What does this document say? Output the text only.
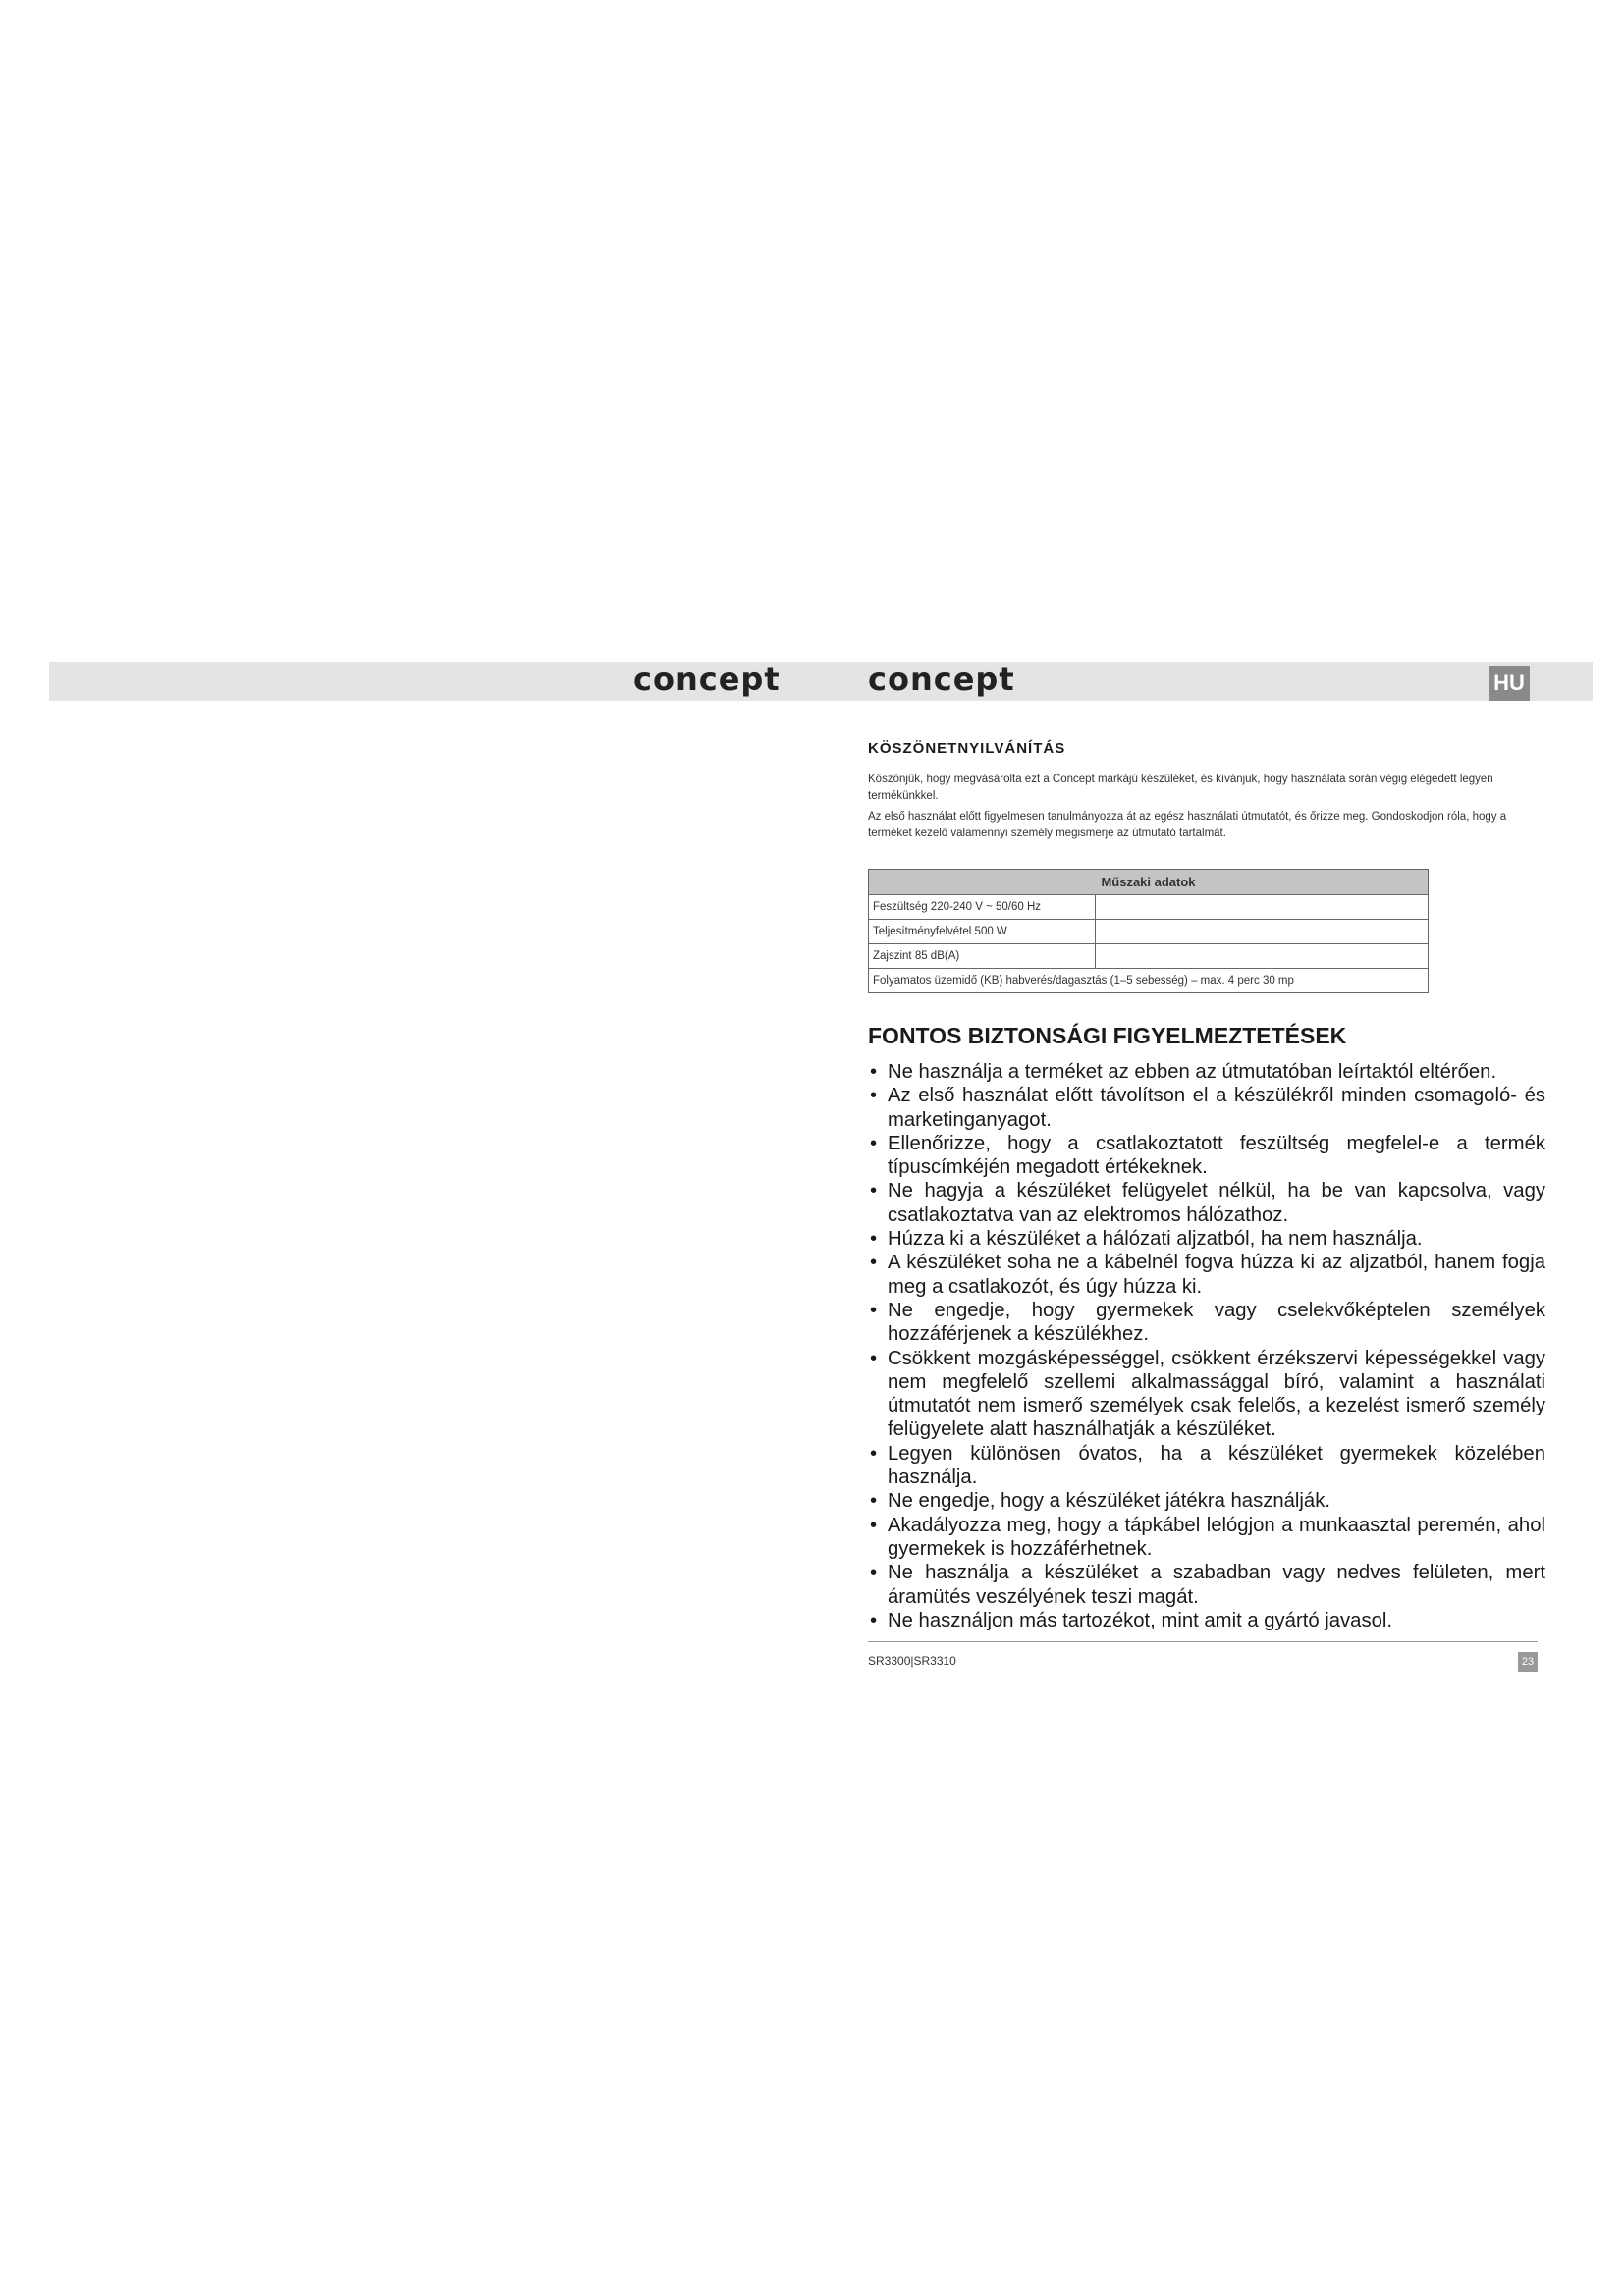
concept	concept	HU
KÖSZÖNETNYILVÁNÍTÁS

Köszönjük, hogy megvásárolta ezt a Concept márkájú készüléket, és kívánjuk, hogy használata során végig elégedett legyen termékünkkel.

Az első használat előtt figyelmesen tanulmányozza át az egész használati útmutatót, és őrizze meg. Gondoskodjon róla, hogy a terméket kezelő valamennyi személy megismerje az útmutató tartalmát.

Műszaki adatok	
Feszültség 220-240 V ~ 50/60 Hz	
Teljesítményfelvétel 500 W	
Zajszint 85 dB(A)	
Folyamatos üzemidő (KB) habverés/dagasztás (1–5 sebesség) – max. 4 perc 30 mp	
FONTOS BIZTONSÁGI FIGYELMEZTETÉSEK
• Ne használja a terméket az ebben az útmutatóban leírtaktól eltérően.
• Az első használat előtt távolítson el a készülékről minden csomagoló- és marketinganyagot.
• Ellenőrizze, hogy a csatlakoztatott feszültség megfelel-e a termék típuscímkéjén megadott értékeknek.
• Ne hagyja a készüléket felügyelet nélkül, ha be van kapcsolva, vagy csatlakoztatva van az elektromos hálózathoz.
• Húzza ki a készüléket a hálózati aljzatból, ha nem használja.
• A készüléket soha ne a kábelnél fogva húzza ki az aljzatból, hanem fogja meg a csatlakozót, és úgy húzza ki.
• Ne engedje, hogy gyermekek vagy cselekvőképtelen személyek hozzáférjenek a készülékhez.
• Csökkent mozgásképességgel, csökkent érzékszervi képességekkel vagy nem megfelelő szellemi alkalmassággal bíró, valamint a használati útmutatót nem ismerő személyek csak felelős, a kezelést ismerő személy felügyelete alatt használhatják a készüléket.
• Legyen különösen óvatos, ha a készüléket gyermekek közelében használja.
• Ne engedje, hogy a készüléket játékra használják.
• Akadályozza meg, hogy a tápkábel lelógjon a munkaasztal peremén, ahol gyermekek is hozzáférhetnek.
• Ne használja a készüléket a szabadban vagy nedves felületen, mert áramütés veszélyének teszi magát.
• Ne használjon más tartozékot, mint amit a gyártó javasol.
SR3300|SR3310	23
